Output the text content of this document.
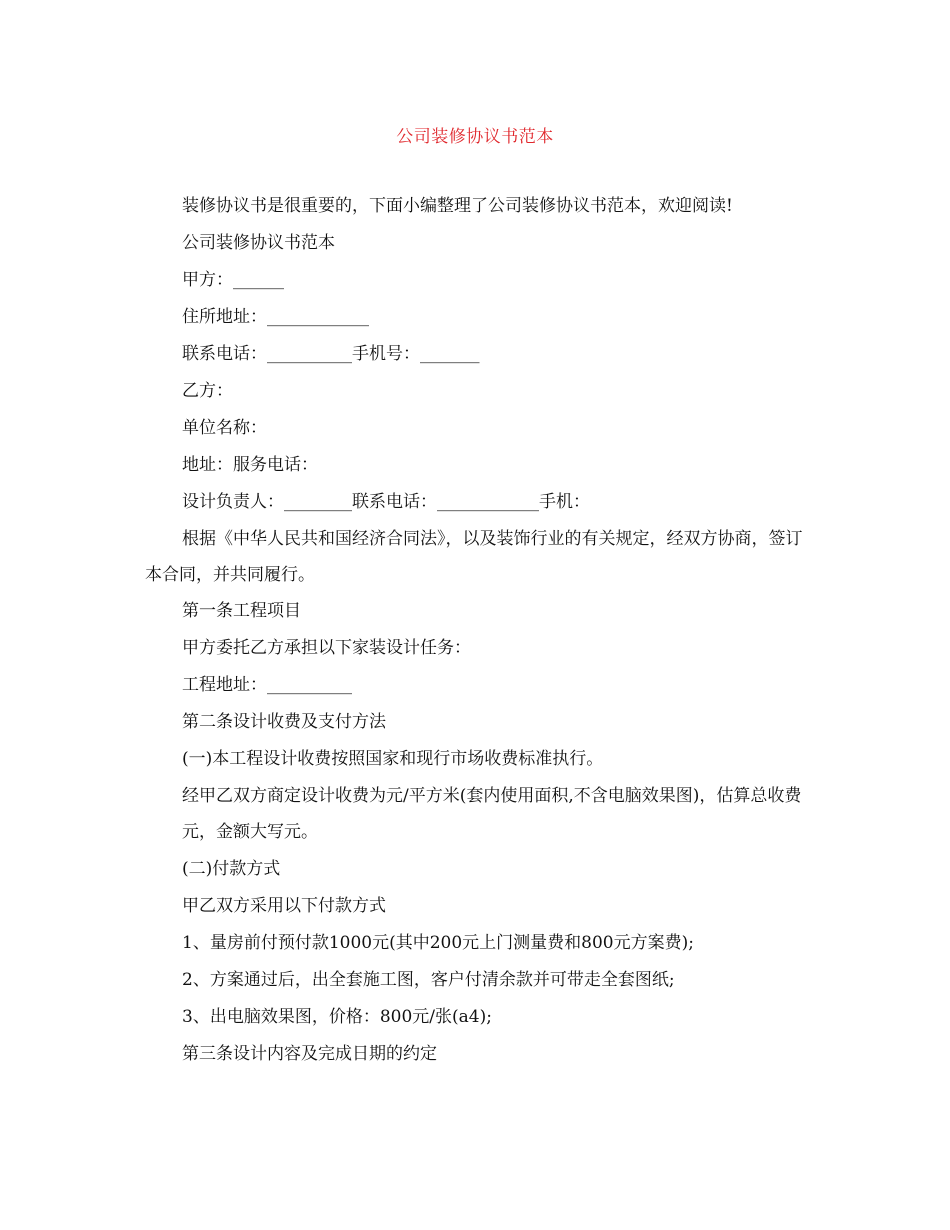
公司装修协议书范本

装修协议书是很重要的，下面小编整理了公司装修协议书范本，欢迎阅读!

公司装修协议书范本

甲方：______

住所地址：____________

联系电话：__________手机号：_______

乙方：

单位名称：

地址：服务电话：

设计负责人：________联系电话：____________手机：

根据《中华人民共和国经济合同法》，以及装饰行业的有关规定，经双方协商，签订本合同，并共同履行。

第一条工程项目

甲方委托乙方承担以下家装设计任务：

工程地址：__________

第二条设计收费及支付方法

(一)本工程设计收费按照国家和现行市场收费标准执行。

经甲乙双方商定设计收费为元/平方米(套内使用面积,不含电脑效果图)，估算总收费

元，金额大写元。

(二)付款方式

甲乙双方采用以下付款方式

1、量房前付预付款1000元(其中200元上门测量费和800元方案费);

2、方案通过后，出全套施工图，客户付清余款并可带走全套图纸;

3、出电脑效果图，价格：800元/张(a4);

第三条设计内容及完成日期的约定
